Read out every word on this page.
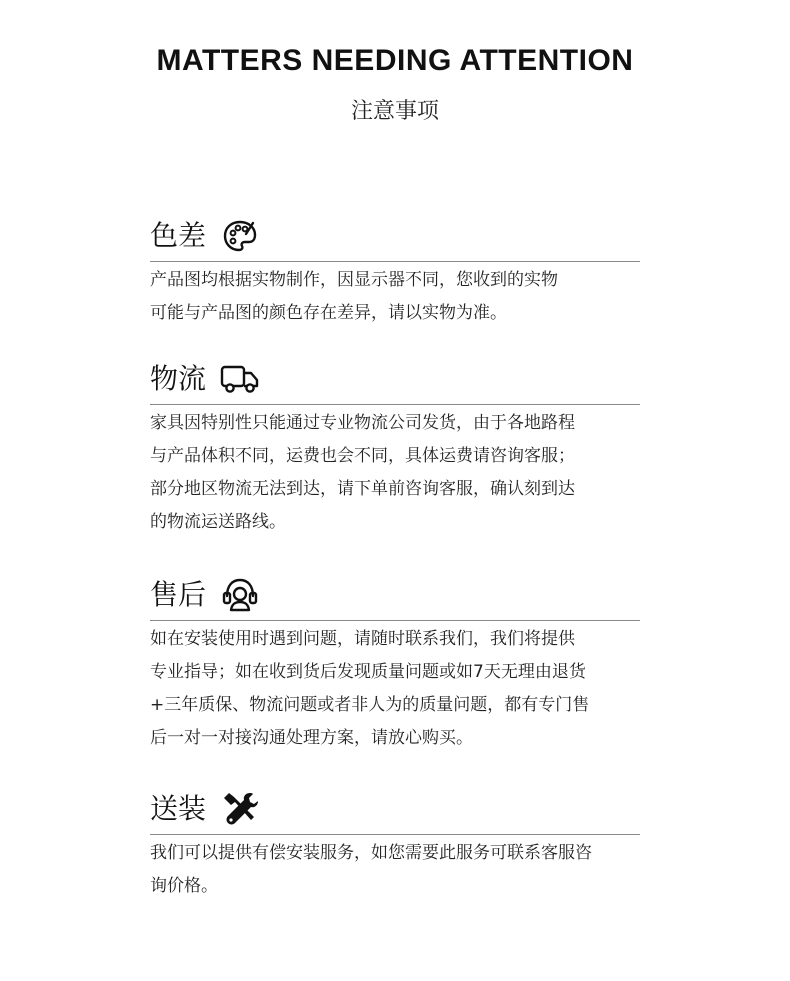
MATTERS NEEDING ATTENTION
注意事项
色差
产品图均根据实物制作，因显示器不同，您收到的实物
可能与产品图的颜色存在差异，请以实物为准。
物流
家具因特别性只能通过专业物流公司发货，由于各地路程
与产品体积不同，运费也会不同，具体运费请咨询客服；
部分地区物流无法到达，请下单前咨询客服，确认刻到达
的物流运送路线。
售后
如在安装使用时遇到问题，请随时联系我们，我们将提供
专业指导；如在收到货后发现质量问题或如7天无理由退货
+三年质保、物流问题或者非人为的质量问题，都有专门售
后一对一对接沟通处理方案，请放心购买。
送装
我们可以提供有偿安装服务，如您需要此服务可联系客服咨
询价格。
